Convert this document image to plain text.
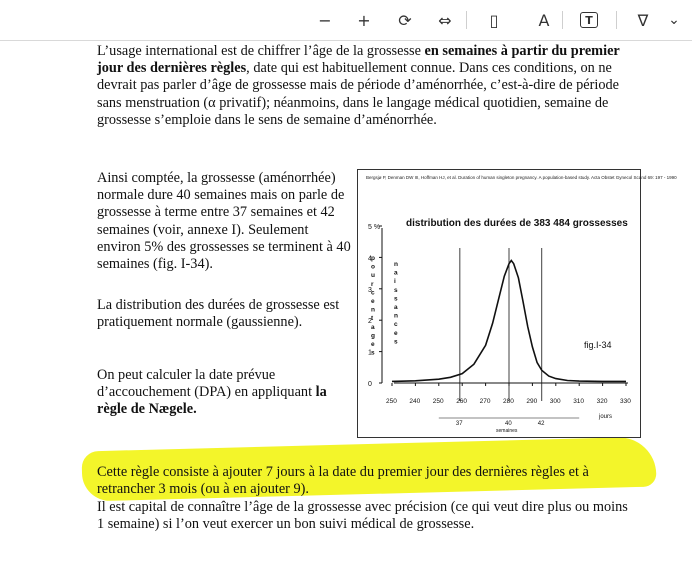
−	+	⟳	⇔	▯	A	T	∇	⌄

L’usage international est de chiffrer l’âge de la grossesse en semaines à partir du premier jour des dernières règles, date qui est habituellement connue. Dans ces conditions, on ne devrait pas parler d’âge de grossesse mais de période d’aménorrhée, c’est-à-dire de période sans menstruation (α privatif); néanmoins, dans le langage médical quotidien, semaine de grossesse s’emploie dans le sens de semaine d’aménorrhée.

Ainsi comptée, la grossesse (aménorrhée) normale dure 40 semaines mais on parle de grossesse à terme entre 37 semaines et 42 semaines (voir, annexe I). Seulement environ 5% des grossesses se terminent à 40 semaines (fig. I-34).

La distribution des durées de grossesse est pratiquement normale (gaussienne).

On peut calculer la date prévue d’accouchement (DPA) en appliquant la règle de Nægele.

Cette règle consiste à ajouter 7 jours à la date du premier jour des dernières règles et à retrancher 3 mois (ou à en ajouter 9).

Il est capital de connaître l’âge de la grossesse avec précision (ce qui veut dire plus ou moins 1 semaine) si l’on veut exercer un bon suivi médical de grossesse.

Bergsjø P, Denman DW III, Hoffman HJ, et al. Duration of human singleton pregnancy. A population-based study. Acta Obstet Gynecol Scand 69: 197 - 1990
distribution des durées de 383 484 grossesses
fig.I-34
jours
semaines
0
1
2
3
4
5 %
p
o
u
r
c
e
n
t
a
g
e
s
n
a
i
s
s
a
n
c
e
s
250 240 250 260 270 280 290 300 310 320 330
37	40	42
